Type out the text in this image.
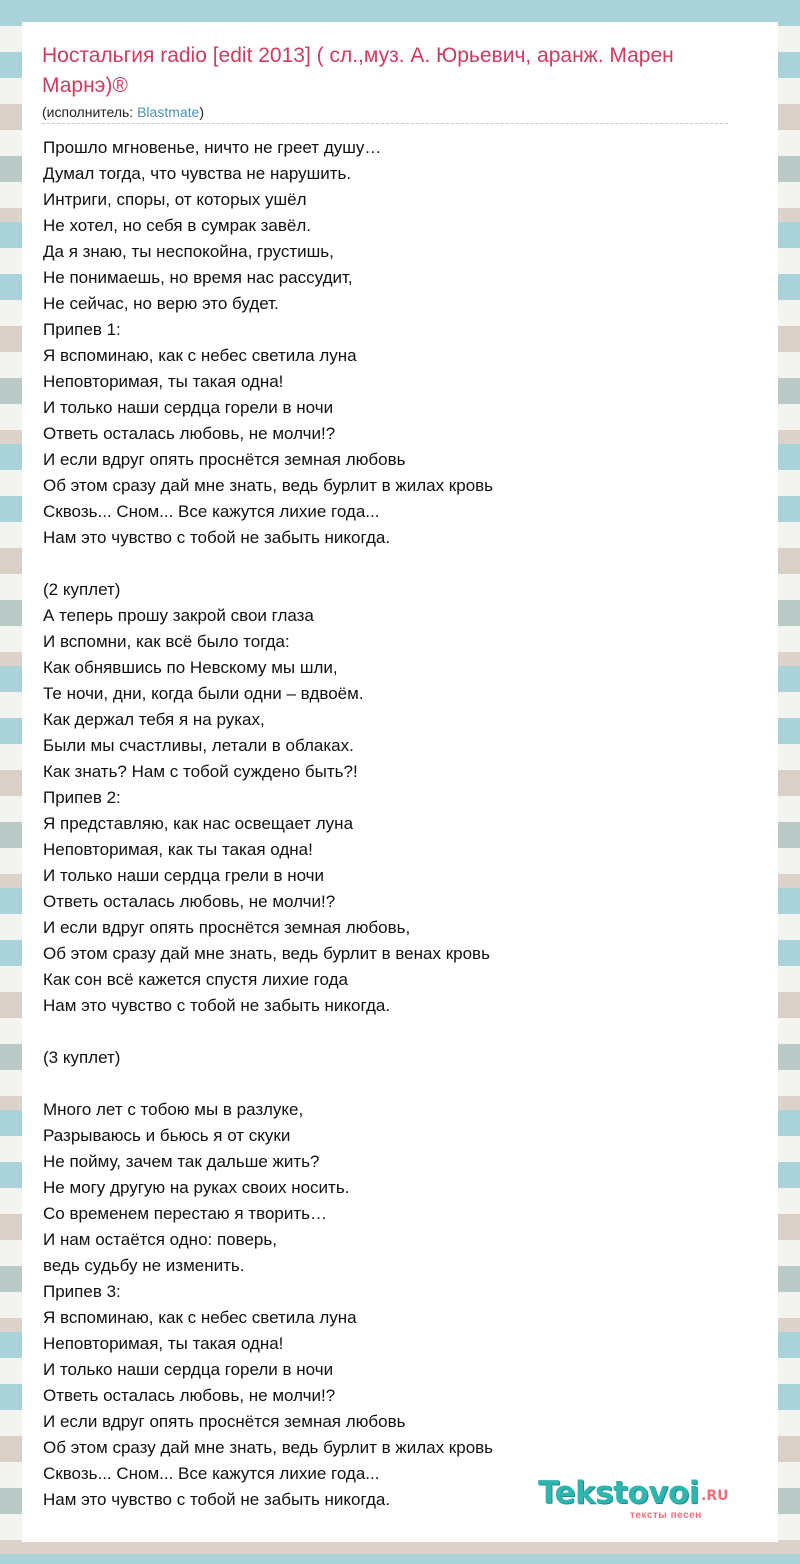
Ностальгия radio [edit 2013] ( сл.,муз. А. Юрьевич, аранж. Марен Марнэ)®
(исполнитель: Blastmate)
Прошло мгновенье, ничто не греет душу…
Думал тогда, что чувства не нарушить.
Интриги, споры, от которых ушёл
Не хотел, но себя в сумрак завёл.
Да я знаю, ты неспокойна, грустишь,
Не понимаешь, но время нас рассудит,
Не сейчас, но верю это будет.
Припев 1:
Я вспоминаю, как с небес светила луна
Неповторимая, ты такая одна!
И только наши сердца горели в ночи
Ответь осталась любовь, не молчи!?
И если вдруг опять проснётся земная любовь
Об этом сразу дай мне знать, ведь бурлит в жилах кровь
Сквозь... Сном... Все кажутся лихие года...
Нам это чувство с тобой не забыть никогда.

(2 куплет)
А теперь прошу закрой свои глаза
И вспомни, как всё было тогда:
Как обнявшись по Невскому мы шли,
Те ночи, дни, когда были одни – вдвоём.
Как держал тебя я на руках,
Были мы счастливы, летали в облаках.
Как знать? Нам с тобой суждено быть?!
Припев 2:
Я представляю, как нас освещает луна
Неповторимая, как ты такая одна!
И только наши сердца грели в ночи
Ответь осталась любовь, не молчи!?
И если вдруг опять проснётся земная любовь,
Об этом сразу дай мне знать, ведь бурлит в венах кровь
Как сон всё кажется спустя лихие года
Нам это чувство с тобой не забыть никогда.

(3 куплет)

Много лет с тобою мы в разлуке,
Разрываюсь и бьюсь я от скуки
Не пойму, зачем так дальше жить?
Не могу другую на руках своих носить.
Со временем перестаю я творить…
И нам остаётся одно: поверь,
ведь судьбу не изменить.
Припев 3:
Я вспоминаю, как с небес светила луна
Неповторимая, ты такая одна!
И только наши сердца горели в ночи
Ответь осталась любовь, не молчи!?
И если вдруг опять проснётся земная любовь
Об этом сразу дай мне знать, ведь бурлит в жилах кровь
Сквозь... Сном... Все кажутся лихие года...
Нам это чувство с тобой не забыть никогда.	Tekstovoi .RU
тексты песен
